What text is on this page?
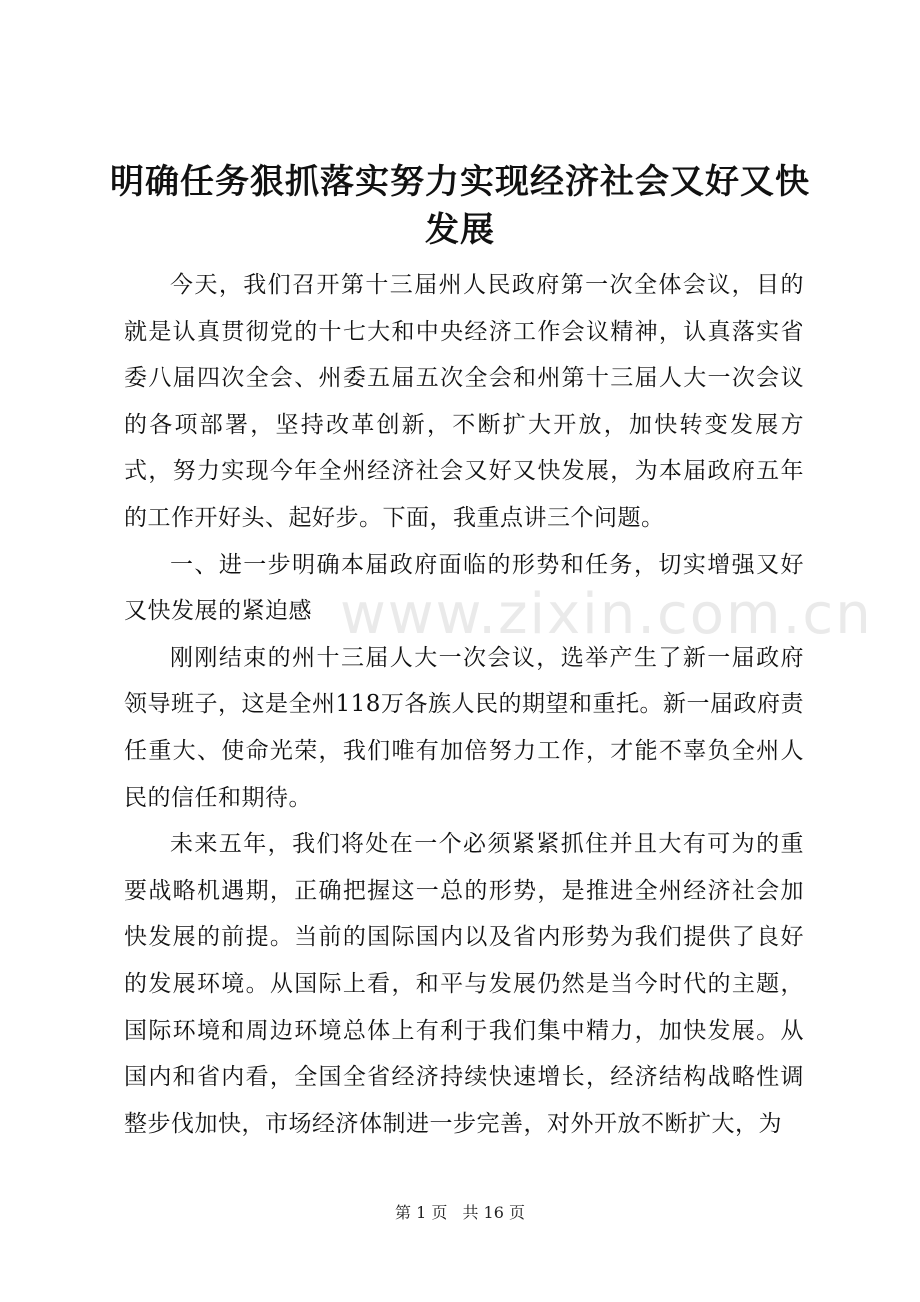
明确任务狠抓落实努力实现经济社会又好又快发展

今天，我们召开第十三届州人民政府第一次全体会议，目的就是认真贯彻党的十七大和中央经济工作会议精神，认真落实省委八届四次全会、州委五届五次全会和州第十三届人大一次会议的各项部署，坚持改革创新，不断扩大开放，加快转变发展方式，努力实现今年全州经济社会又好又快发展，为本届政府五年的工作开好头、起好步。下面，我重点讲三个问题。

一、进一步明确本届政府面临的形势和任务，切实增强又好又快发展的紧迫感

刚刚结束的州十三届人大一次会议，选举产生了新一届政府领导班子，这是全州118万各族人民的期望和重托。新一届政府责任重大、使命光荣，我们唯有加倍努力工作，才能不辜负全州人民的信任和期待。

未来五年，我们将处在一个必须紧紧抓住并且大有可为的重要战略机遇期，正确把握这一总的形势，是推进全州经济社会加快发展的前提。当前的国际国内以及省内形势为我们提供了良好的发展环境。从国际上看，和平与发展仍然是当今时代的主题，国际环境和周边环境总体上有利于我们集中精力，加快发展。从国内和省内看，全国全省经济持续快速增长，经济结构战略性调整步伐加快，市场经济体制进一步完善，对外开放不断扩大，为

www.zixin.com.cn
第 1 页 共 16 页
